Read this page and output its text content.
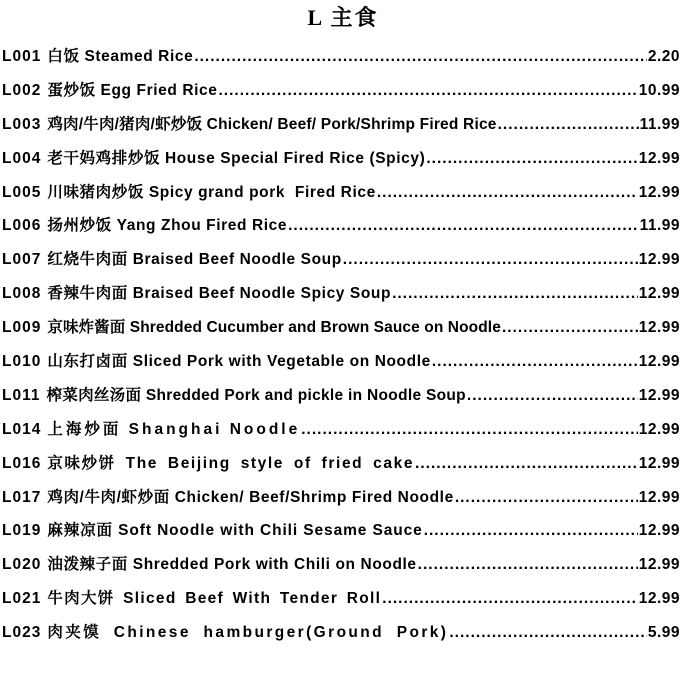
L 主食
L001 白饭 Steamed Rice .....	2.20
L002 蛋炒饭 Egg Fried Rice .....	10.99
L003 鸡肉/牛肉/猪肉/虾炒饭 Chicken/ Beef/ Pork/Shrimp Fired Rice .....	11.99
L004 老干妈鸡排炒饭 House Special Fired Rice (Spicy) .....	12.99
L005 川味猪肉炒饭 Spicy grand pork  Fired Rice .....	12.99
L006 扬州炒饭 Yang Zhou Fired Rice .....	11.99
L007 红烧牛肉面 Braised Beef Noodle Soup .....	12.99
L008 香辣牛肉面 Braised Beef Noodle Spicy Soup .....	12.99
L009 京味炸酱面 Shredded Cucumber and Brown Sauce on Noodle .....	12.99
L010 山东打卤面 Sliced Pork with Vegetable on Noodle .....	12.99
L011 榨菜肉丝汤面 Shredded Pork and pickle in Noodle Soup .....	12.99
L014 上海炒面 Shanghai Noodle .....	12.99
L016 京味炒饼 The Beijing style of fried cake .....	12.99
L017 鸡肉/牛肉/虾炒面 Chicken/ Beef/Shrimp Fired Noodle .....	12.99
L019 麻辣凉面 Soft Noodle with Chili Sesame Sauce .....	12.99
L020 油泼辣子面 Shredded Pork with Chili on Noodle .....	12.99
L021 牛肉大饼 Sliced Beef With Tender Roll .....	12.99
L023 肉夹馍 Chinese hamburger(Ground Pork) .....	5.99
